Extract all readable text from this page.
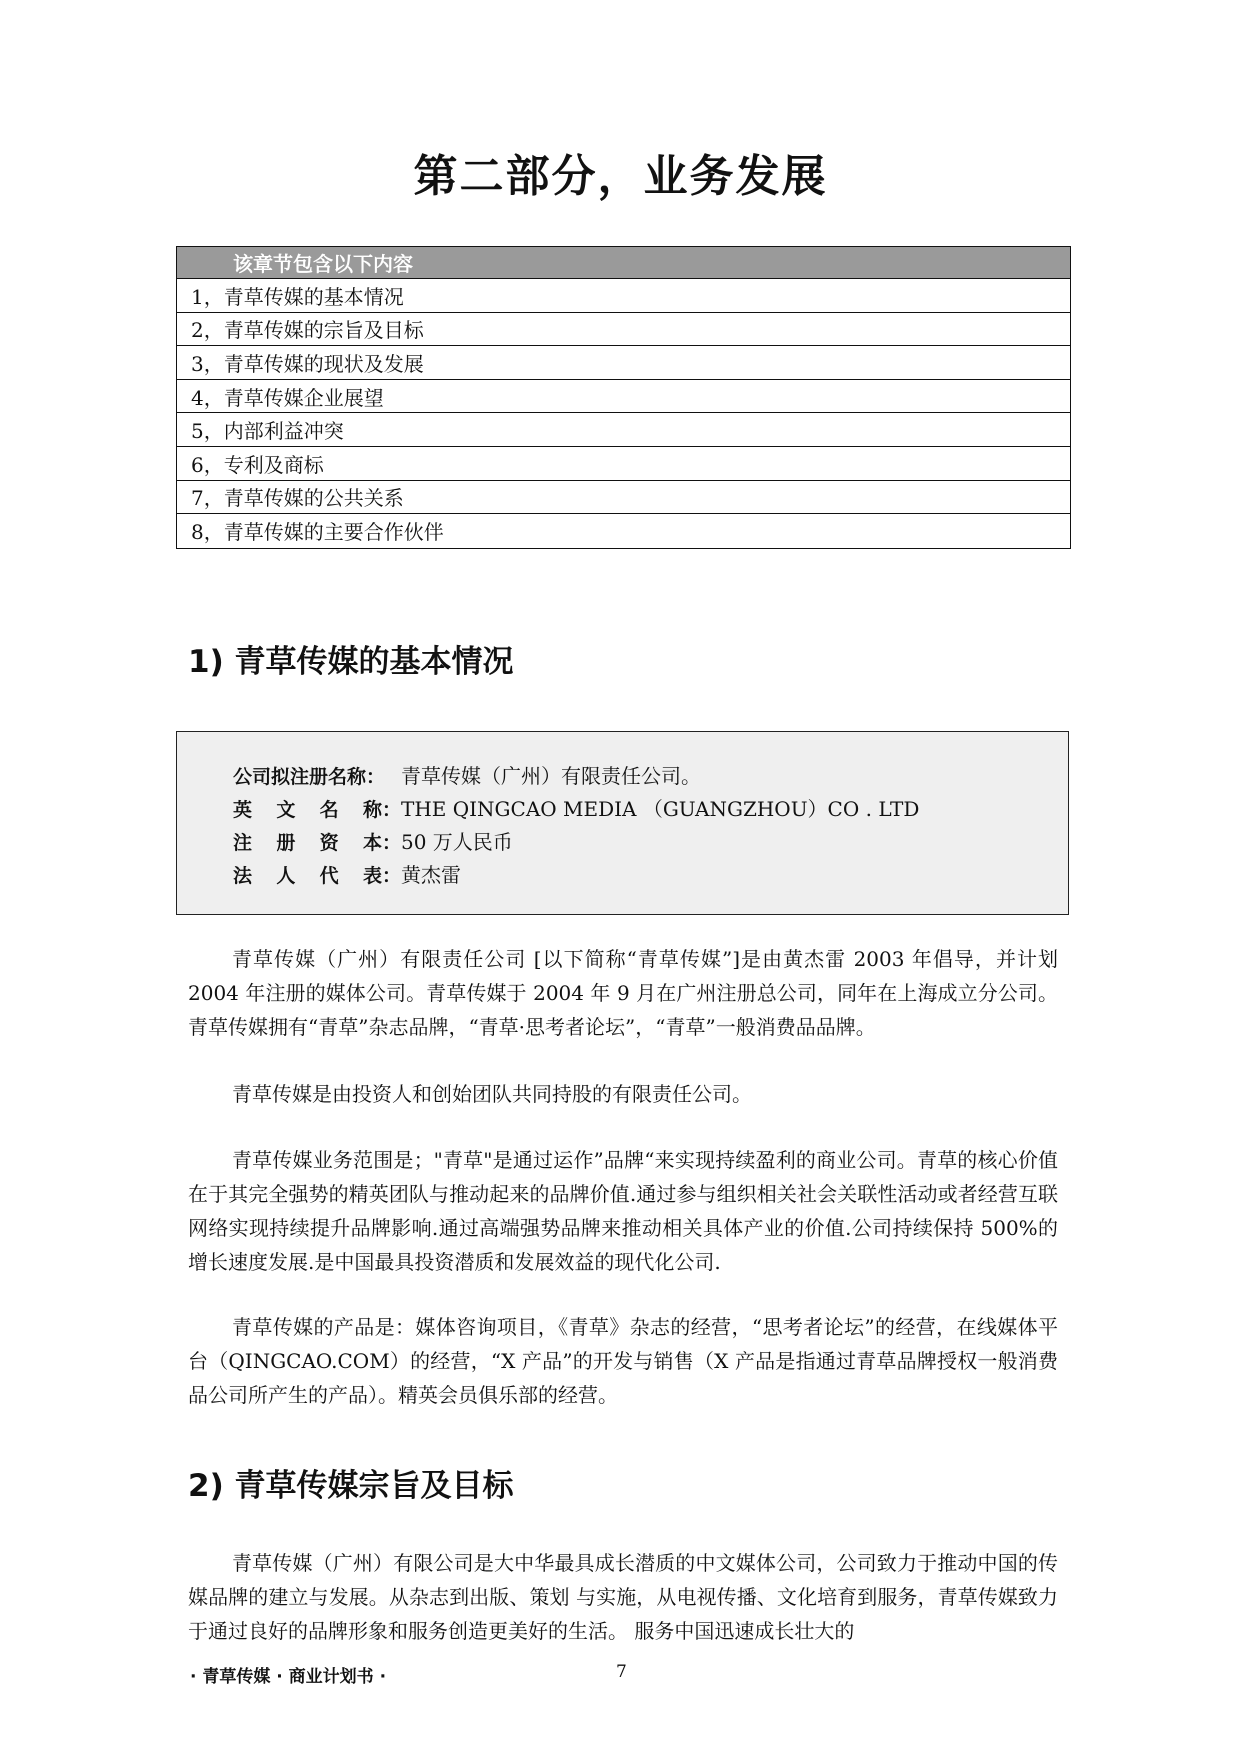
第二部分，业务发展
该章节包含以下内容
1，青草传媒的基本情况
2，青草传媒的宗旨及目标
3，青草传媒的现状及发展
4，青草传媒企业展望
5，内部利益冲突
6，专利及商标
7，青草传媒的公共关系
8，青草传媒的主要合作伙伴
1) 青草传媒的基本情况
公司拟注册名称： 青草传媒（广州）有限责任公司。
英 文 名 称： THE QINGCAO MEDIA （GUANGZHOU）CO . LTD
注 册 资 本： 50 万人民币
法 人 代 表： 黄杰雷

青草传媒（广州）有限责任公司 [以下简称“青草传媒”]是由黄杰雷 2003 年倡导，并计划 2004 年注册的媒体公司。青草传媒于 2004 年 9 月在广州注册总公司，同年在上海成立分公司。青草传媒拥有“青草”杂志品牌，“青草·思考者论坛”，“青草”一般消费品品牌。

青草传媒是由投资人和创始团队共同持股的有限责任公司。

青草传媒业务范围是；"青草"是通过运作”品牌“来实现持续盈利的商业公司。青草的核心价值在于其完全强势的精英团队与推动起来的品牌价值.通过参与组织相关社会关联性活动或者经营互联网络实现持续提升品牌影响.通过高端强势品牌来推动相关具体产业的价值.公司持续保持 500%的增长速度发展.是中国最具投资潜质和发展效益的现代化公司.

青草传媒的产品是：媒体咨询项目，《青草》杂志的经营，“思考者论坛”的经营，在线媒体平台（QINGCAO.COM）的经营，“X 产品”的开发与销售（X 产品是指通过青草品牌授权一般消费品公司所产生的产品）。精英会员俱乐部的经营。

2) 青草传媒宗旨及目标

青草传媒（广州）有限公司是大中华最具成长潜质的中文媒体公司，公司致力于推动中国的传媒品牌的建立与发展。从杂志到出版、策划 与实施，从电视传播、文化培育到服务，青草传媒致力于通过良好的品牌形象和服务创造更美好的生活。 服务中国迅速成长壮大的

· 青草传媒 · 商业计划书 ·	7
